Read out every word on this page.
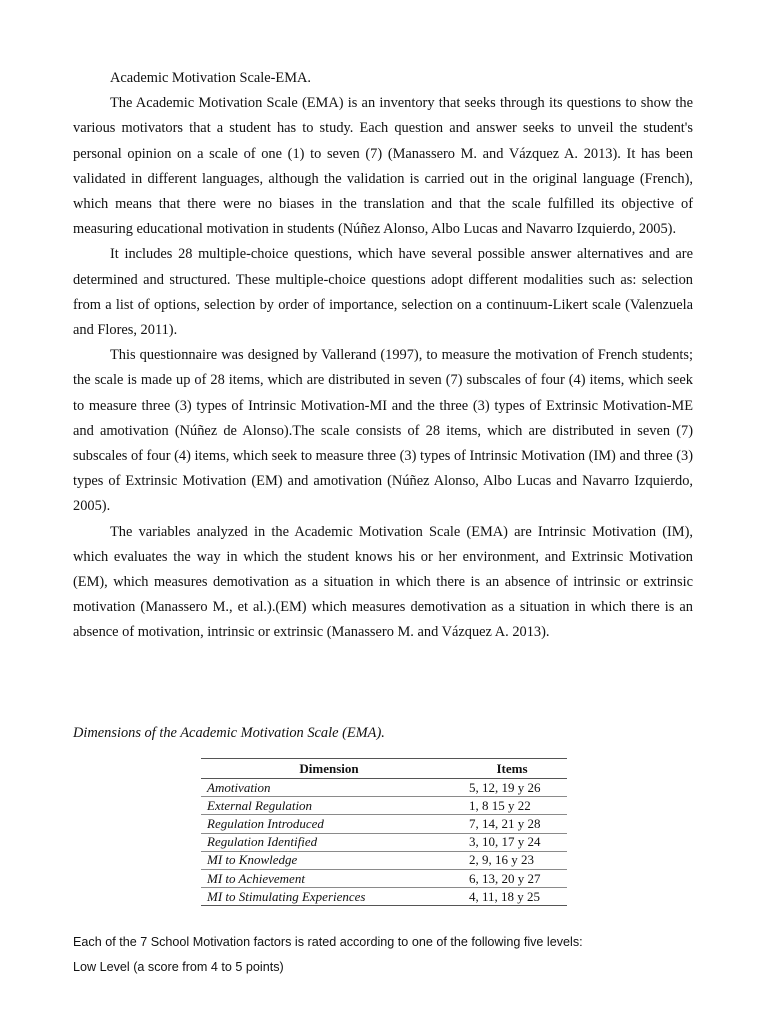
Academic Motivation Scale-EMA.

The Academic Motivation Scale (EMA) is an inventory that seeks through its questions to show the various motivators that a student has to study. Each question and answer seeks to unveil the student's personal opinion on a scale of one (1) to seven (7) (Manassero M. and Vázquez A. 2013). It has been validated in different languages, although the validation is carried out in the original language (French), which means that there were no biases in the translation and that the scale fulfilled its objective of measuring educational motivation in students (Núñez Alonso, Albo Lucas and Navarro Izquierdo, 2005).

It includes 28 multiple-choice questions, which have several possible answer alternatives and are determined and structured. These multiple-choice questions adopt different modalities such as: selection from a list of options, selection by order of importance, selection on a continuum-Likert scale (Valenzuela and Flores, 2011).

This questionnaire was designed by Vallerand (1997), to measure the motivation of French students; the scale is made up of 28 items, which are distributed in seven (7) subscales of four (4) items, which seek to measure three (3) types of Intrinsic Motivation-MI and the three (3) types of Extrinsic Motivation-ME and amotivation (Núñez de Alonso).The scale consists of 28 items, which are distributed in seven (7) subscales of four (4) items, which seek to measure three (3) types of Intrinsic Motivation (IM) and three (3) types of Extrinsic Motivation (EM) and amotivation (Núñez Alonso, Albo Lucas and Navarro Izquierdo, 2005).

The variables analyzed in the Academic Motivation Scale (EMA) are Intrinsic Motivation (IM), which evaluates the way in which the student knows his or her environment, and Extrinsic Motivation (EM), which measures demotivation as a situation in which there is an absence of intrinsic or extrinsic motivation (Manassero M., et al.).(EM) which measures demotivation as a situation in which there is an absence of motivation, intrinsic or extrinsic (Manassero M. and Vázquez A. 2013).

Dimensions of the Academic Motivation Scale (EMA).
Dimension	Items
Amotivation	5, 12, 19 y 26
External Regulation	1, 8 15 y 22
Regulation Introduced	7, 14, 21 y 28
Regulation Identified	3, 10, 17 y 24
MI to Knowledge	2, 9, 16 y 23
MI to Achievement	6, 13, 20 y 27
MI to Stimulating Experiences	4, 11, 18 y 25

Each of the 7 School Motivation factors is rated according to one of the following five levels:

Low Level (a score from 4 to 5 points)
